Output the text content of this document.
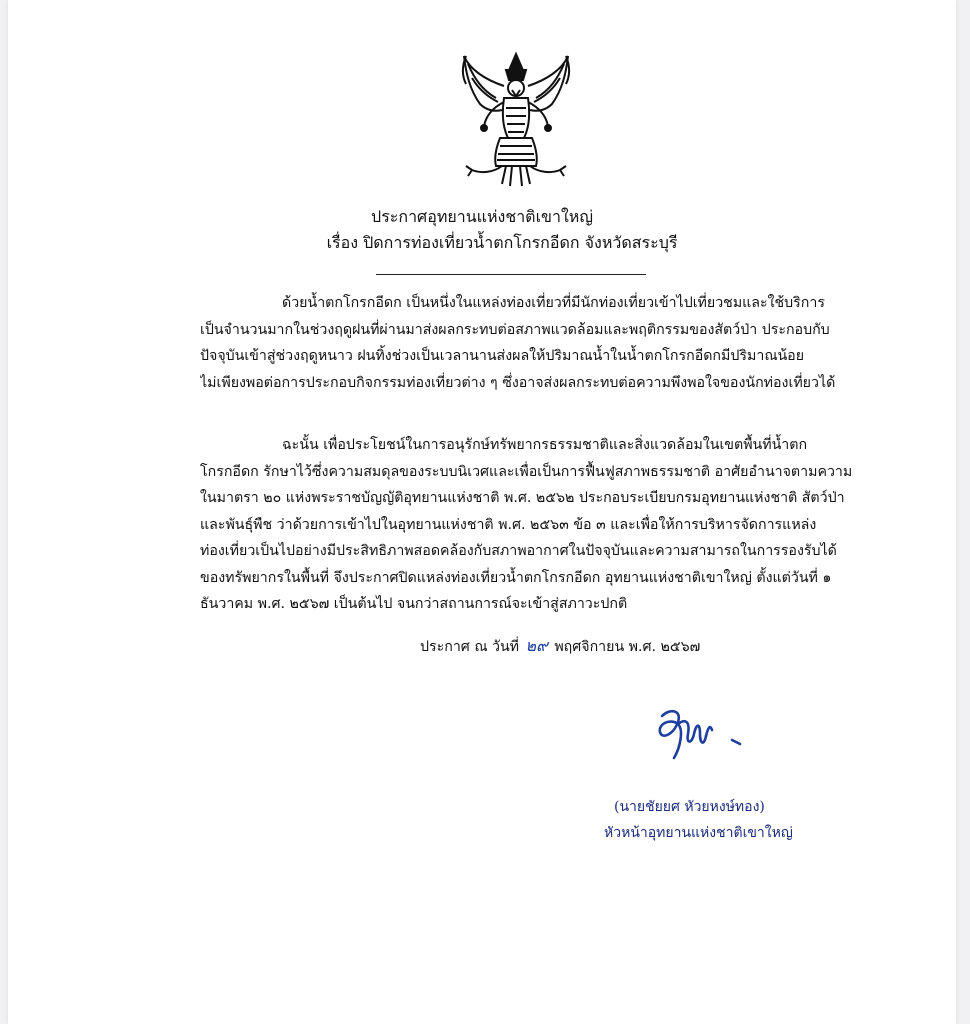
ประกาศอุทยานแห่งชาติเขาใหญ่
เรื่อง ปิดการท่องเที่ยวน้ำตกโกรกอีดก จังหวัดสระบุรี
ด้วยน้ำตกโกรกอีดก เป็นหนึ่งในแหล่งท่องเที่ยวที่มีนักท่องเที่ยวเข้าไปเที่ยวชมและใช้บริการ
เป็นจำนวนมากในช่วงฤดูฝนที่ผ่านมาส่งผลกระทบต่อสภาพแวดล้อมและพฤติกรรมของสัตว์ป่า ประกอบกับ
ปัจจุบันเข้าสู่ช่วงฤดูหนาว ฝนทิ้งช่วงเป็นเวลานานส่งผลให้ปริมาณน้ำในน้ำตกโกรกอีดกมีปริมาณน้อย
ไม่เพียงพอต่อการประกอบกิจกรรมท่องเที่ยวต่าง ๆ ซึ่งอาจส่งผลกระทบต่อความพึงพอใจของนักท่องเที่ยวได้
ฉะนั้น เพื่อประโยชน์ในการอนุรักษ์ทรัพยากรธรรมชาติและสิ่งแวดล้อมในเขตพื้นที่น้ำตก
โกรกอีดก รักษาไว้ซึ่งความสมดุลของระบบนิเวศและเพื่อเป็นการฟื้นฟูสภาพธรรมชาติ อาศัยอำนาจตามความ
ในมาตรา ๒๐ แห่งพระราชบัญญัติอุทยานแห่งชาติ พ.ศ. ๒๕๖๒ ประกอบระเบียบกรมอุทยานแห่งชาติ สัตว์ป่า
และพันธุ์พืช ว่าด้วยการเข้าไปในอุทยานแห่งชาติ พ.ศ. ๒๕๖๓ ข้อ ๓ และเพื่อให้การบริหารจัดการแหล่ง
ท่องเที่ยวเป็นไปอย่างมีประสิทธิภาพสอดคล้องกับสภาพอากาศในปัจจุบันและความสามารถในการรองรับได้
ของทรัพยากรในพื้นที่ จึงประกาศปิดแหล่งท่องเที่ยวน้ำตกโกรกอีดก อุทยานแห่งชาติเขาใหญ่ ตั้งแต่วันที่ ๑
ธันวาคม พ.ศ. ๒๕๖๗ เป็นต้นไป จนกว่าสถานการณ์จะเข้าสู่สภาวะปกติ
ประกาศ ณ วันที่ ๒๙ พฤศจิกายน พ.ศ. ๒๕๖๗
(นายชัยยศ หัวยหงษ์ทอง)
หัวหน้าอุทยานแห่งชาติเขาใหญ่
